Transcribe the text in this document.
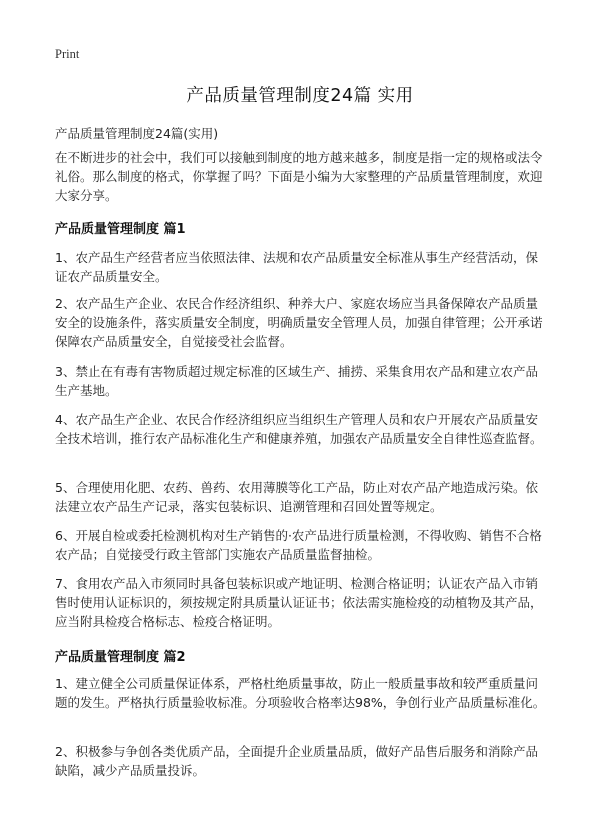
Print
产品质量管理制度24篇 实用
产品质量管理制度24篇(实用)
在不断进步的社会中，我们可以接触到制度的地方越来越多，制度是指一定的规格或法令礼俗。那么制度的格式，你掌握了吗？下面是小编为大家整理的产品质量管理制度，欢迎大家分享。
产品质量管理制度 篇1
1、农产品生产经营者应当依照法律、法规和农产品质量安全标准从事生产经营活动，保证农产品质量安全。
2、农产品生产企业、农民合作经济组织、种养大户、家庭农场应当具备保障农产品质量安全的设施条件，落实质量安全制度，明确质量安全管理人员，加强自律管理；公开承诺保障农产品质量安全，自觉接受社会监督。
3、禁止在有毒有害物质超过规定标准的区域生产、捕捞、采集食用农产品和建立农产品生产基地。
4、农产品生产企业、农民合作经济组织应当组织生产管理人员和农户开展农产品质量安全技术培训，推行农产品标准化生产和健康养殖，加强农产品质量安全自律性巡查监督。
5、合理使用化肥、农药、兽药、农用薄膜等化工产品，防止对农产品产地造成污染。依法建立农产品生产记录，落实包装标识、追溯管理和召回处置等规定。
6、开展自检或委托检测机构对生产销售的·农产品进行质量检测，不得收购、销售不合格农产品；自觉接受行政主管部门实施农产品质量监督抽检。
7、食用农产品入市须同时具备包装标识或产地证明、检测合格证明；认证农产品入市销售时使用认证标识的，须按规定附具质量认证证书；依法需实施检疫的动植物及其产品，应当附具检疫合格标志、检疫合格证明。
产品质量管理制度 篇2
1、建立健全公司质量保证体系，严格杜绝质量事故，防止一般质量事故和较严重质量问题的发生。严格执行质量验收标准。分项验收合格率达98%，争创行业产品质量标准化。
2、积极参与争创各类优质产品，全面提升企业质量品质，做好产品售后服务和消除产品缺陷，减少产品质量投诉。
